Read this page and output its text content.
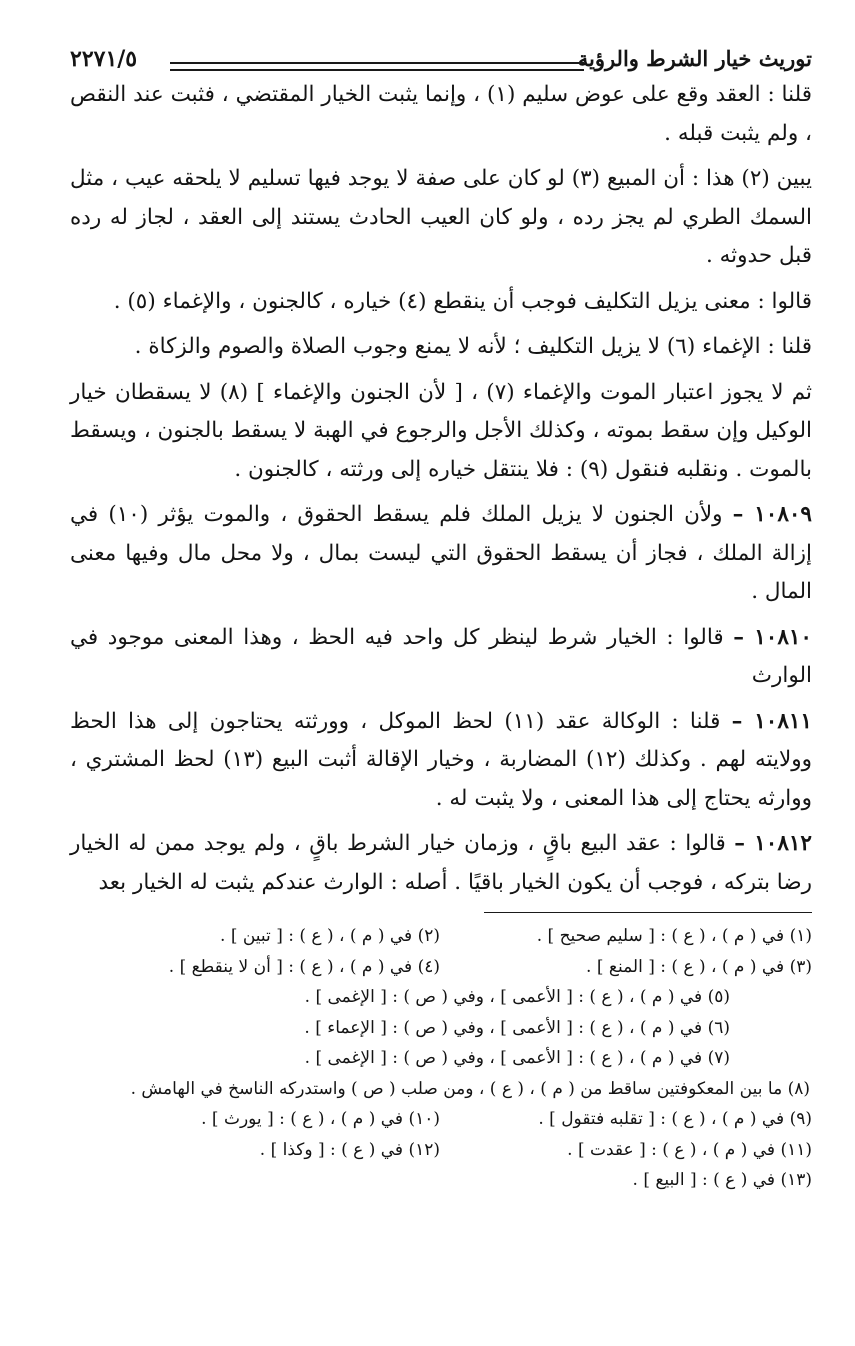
توريث خيار الشرط والرؤية
٢٢٧١/٥

قلنا : العقد وقع على عوض سليم (١) ، وإنما يثبت الخيار المقتضي ، فثبت عند النقص ، ولم يثبت قبله .

يبين (٢) هذا : أن المبيع (٣) لو كان على صفة لا يوجد فيها تسليم لا يلحقه عيب ، مثل السمك الطري لم يجز رده ، ولو كان العيب الحادث يستند إلى العقد ، لجاز له رده قبل حدوثه .

قالوا : معنى يزيل التكليف فوجب أن ينقطع (٤) خياره ، كالجنون ، والإغماء (٥) .

قلنا : الإغماء (٦) لا يزيل التكليف ؛ لأنه لا يمنع وجوب الصلاة والصوم والزكاة .

ثم لا يجوز اعتبار الموت والإغماء (٧) ، [ لأن الجنون والإغماء ] (٨) لا يسقطان خيار الوكيل وإن سقط بموته ، وكذلك الأجل والرجوع في الهبة لا يسقط بالجنون ، ويسقط بالموت . ونقلبه فنقول (٩) : فلا ينتقل خياره إلى ورثته ، كالجنون .

١٠٨٠٩ – ولأن الجنون لا يزيل الملك فلم يسقط الحقوق ، والموت يؤثر (١٠) في إزالة الملك ، فجاز أن يسقط الحقوق التي ليست بمال ، ولا محل مال وفيها معنى المال .

١٠٨١٠ – قالوا : الخيار شرط لينظر كل واحد فيه الحظ ، وهذا المعنى موجود في الوارث

١٠٨١١ – قلنا : الوكالة عقد (١١) لحظ الموكل ، وورثته يحتاجون إلى هذا الحظ وولايته لهم . وكذلك (١٢) المضاربة ، وخيار الإقالة أثبت البيع (١٣) لحظ المشتري ، ووارثه يحتاج إلى هذا المعنى ، ولا يثبت له .

١٠٨١٢ – قالوا : عقد البيع باقٍ ، وزمان خيار الشرط باقٍ ، ولم يوجد ممن له الخيار رضا بتركه ، فوجب أن يكون الخيار باقيًا . أصله : الوارث عندكم يثبت له الخيار بعد

(١) في ( م ) ، ( ع ) : [ سليم صحيح ] .
(٢) في ( م ) ، ( ع ) : [ تبين ] .
(٣) في ( م ) ، ( ع ) : [ المنع ] .
(٤) في ( م ) ، ( ع ) : [ أن لا ينقطع ] .
(٥) في ( م ) ، ( ع ) : [ الأعمى ] ، وفي ( ص ) : [ الإغمى ] .
(٦) في ( م ) ، ( ع ) : [ الأعمى ] ، وفي ( ص ) : [ الإعماء ] .
(٧) في ( م ) ، ( ع ) : [ الأعمى ] ، وفي ( ص ) : [ الإغمى ] .
(٨) ما بين المعكوفتين ساقط من ( م ) ، ( ع ) ، ومن صلب ( ص ) واستدركه الناسخ في الهامش .
(٩) في ( م ) ، ( ع ) : [ تقلبه فتقول ] .
(١٠) في ( م ) ، ( ع ) : [ يورث ] .
(١١) في ( م ) ، ( ع ) : [ عقدت ] .
(١٢) في ( ع ) : [ وكذا ] .
(١٣) في ( ع ) : [ البيع ] .
